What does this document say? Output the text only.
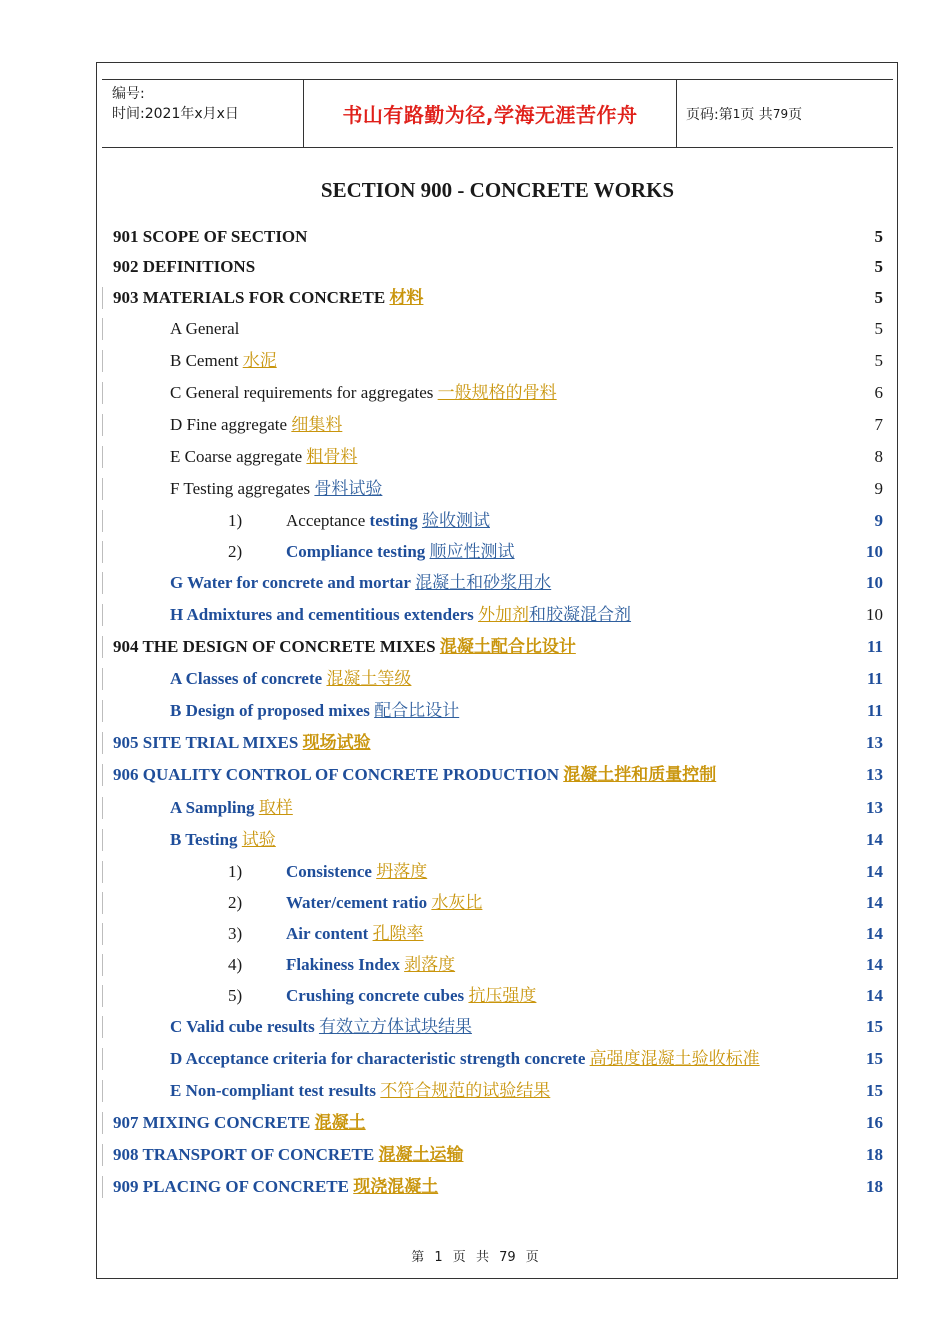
编号:
时间:2021年x月x日	书山有路勤为径,学海无涯苦作舟	页码:第 1 页 共 79 页
SECTION 900 - CONCRETE WORKS
901 SCOPE OF SECTION	5
902 DEFINITIONS	5
903 MATERIALS FOR CONCRETE 材料	5
A General	5
B Cement 水泥	5
C General requirements for aggregates 一般规格的骨料	6
D Fine aggregate 细集料	7
E Coarse aggregate 粗骨料	8
F Testing aggregates 骨料试验	9
1)	Acceptance testing 验收测试	9
2)	Compliance testing 顺应性测试	10
G Water for concrete and mortar 混凝土和砂浆用水	10
H Admixtures and cementitious extenders 外加剂和胶凝混合剂	10
904 THE DESIGN OF CONCRETE MIXES 混凝土配合比设计	11
A Classes of concrete 混凝土等级	11
B Design of proposed mixes 配合比设计	11
905 SITE TRIAL MIXES 现场试验	13
906 QUALITY CONTROL OF CONCRETE PRODUCTION 混凝土拌和质量控制	13
A Sampling 取样	13
B Testing 试验	14
1)	Consistence 坍落度	14
2)	Water/cement ratio 水灰比	14
3)	Air content 孔隙率	14
4)	Flakiness Index 剥落度	14
5)	Crushing concrete cubes 抗压强度	14
C Valid cube results 有效立方体试块结果	15
D Acceptance criteria for characteristic strength concrete 高强度混凝土验收标准	15
E Non-compliant test results 不符合规范的试验结果	15
907 MIXING CONCRETE 混凝土	16
908 TRANSPORT OF CONCRETE 混凝土运输	18
909 PLACING OF CONCRETE 现浇混凝土	18
第 1 页 共 79 页
